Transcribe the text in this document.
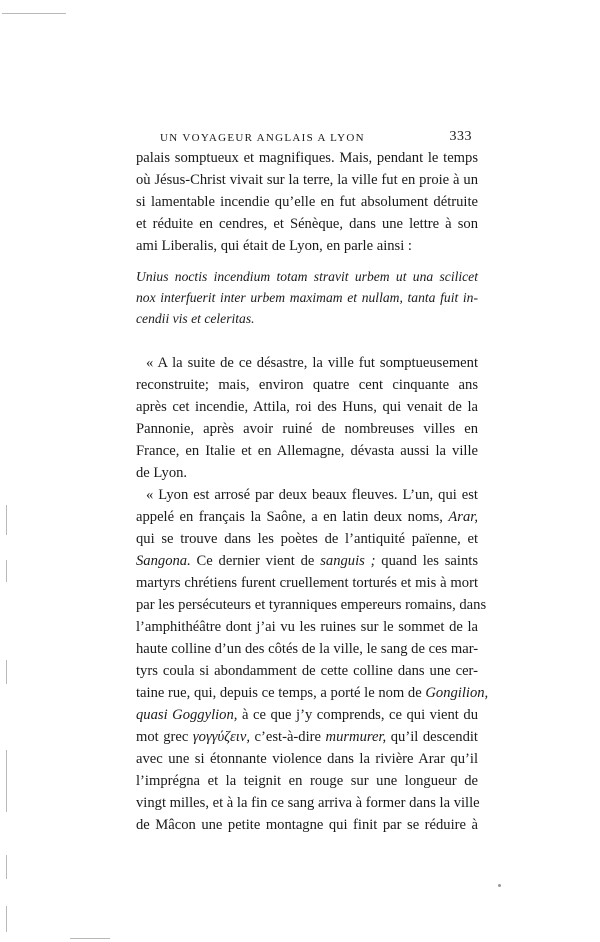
UN VOYAGEUR ANGLAIS A LYON	333
palais somptueux et magnifiques. Mais, pendant le temps
où Jésus-Christ vivait sur la terre, la ville fut en proie à un
si lamentable incendie qu’elle en fut absolument détruite
et réduite en cendres, et Sénèque, dans une lettre à son
ami Liberalis, qui était de Lyon, en parle ainsi :
Unius noctis incendium totam stravit urbem ut una scilicet
nox interfuerit inter urbem maximam et nullam, tanta fuit in-
cendii vis et celeritas.
« A la suite de ce désastre, la ville fut somptueusement
reconstruite; mais, environ quatre cent cinquante ans
après cet incendie, Attila, roi des Huns, qui venait de la
Pannonie, après avoir ruiné de nombreuses villes en
France, en Italie et en Allemagne, dévasta aussi la ville
de Lyon.
« Lyon est arrosé par deux beaux fleuves. L’un, qui est
appelé en français la Saône, a en latin deux noms, Arar,
qui se trouve dans les poètes de l’antiquité païenne, et
Sangona. Ce dernier vient de sanguis ; quand les saints
martyrs chrétiens furent cruellement torturés et mis à mort
par les persécuteurs et tyranniques empereurs romains, dans
l’amphithéâtre dont j’ai vu les ruines sur le sommet de la
haute colline d’un des côtés de la ville, le sang de ces mar-
tyrs coula si abondamment de cette colline dans une cer-
taine rue, qui, depuis ce temps, a porté le nom de Gongilion,
quasi Goggylion, à ce que j’y comprends, ce qui vient du
mot grec γογγύζειν, c’est-à-dire murmurer, qu’il descendit
avec une si étonnante violence dans la rivière Arar qu’il
l’imprégna et la teignit en rouge sur une longueur de
vingt milles, et à la fin ce sang arriva à former dans la ville
de Mâcon une petite montagne qui finit par se réduire à
